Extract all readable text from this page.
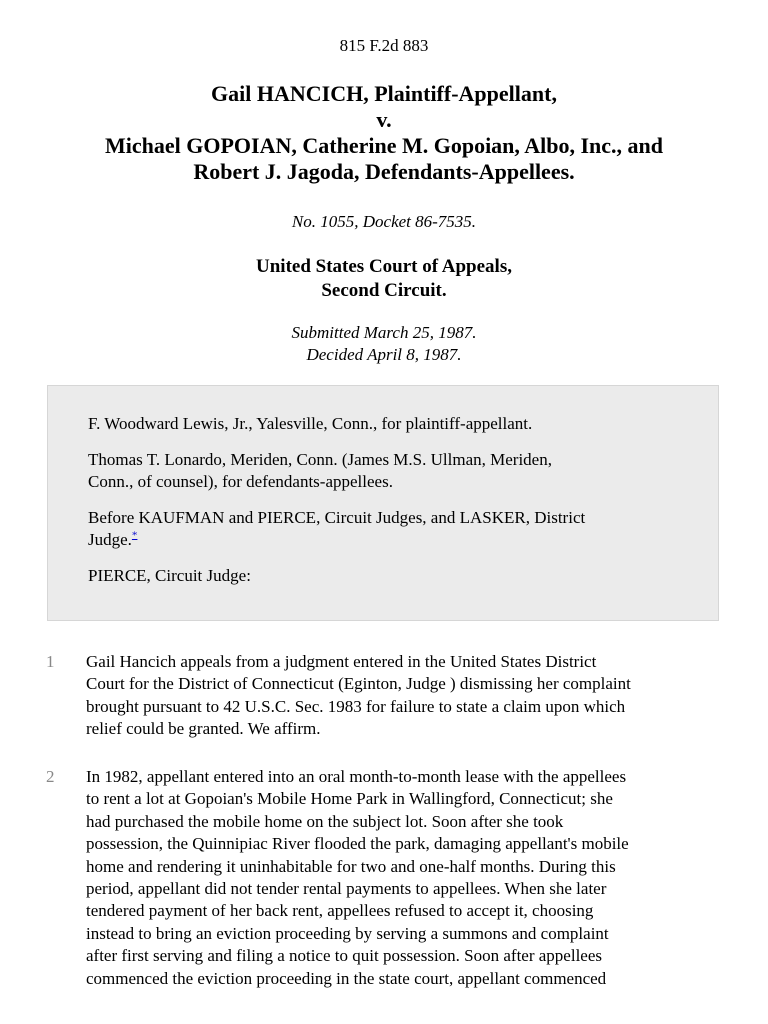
815 F.2d 883
Gail HANCICH, Plaintiff-Appellant,
v.
Michael GOPOIAN, Catherine M. Gopoian, Albo, Inc., and
Robert J. Jagoda, Defendants-Appellees.
No. 1055, Docket 86-7535.
United States Court of Appeals,
Second Circuit.
Submitted March 25, 1987.
Decided April 8, 1987.

F. Woodward Lewis, Jr., Yalesville, Conn., for plaintiff-appellant.

Thomas T. Lonardo, Meriden, Conn. (James M.S. Ullman, Meriden,
Conn., of counsel), for defendants-appellees.

Before KAUFMAN and PIERCE, Circuit Judges, and LASKER, District
Judge.*

PIERCE, Circuit Judge:

1	Gail Hancich appeals from a judgment entered in the United States District
Court for the District of Connecticut (Eginton, Judge ) dismissing her complaint
brought pursuant to 42 U.S.C. Sec. 1983 for failure to state a claim upon which
relief could be granted. We affirm.
2	In 1982, appellant entered into an oral month-to-month lease with the appellees
to rent a lot at Gopoian's Mobile Home Park in Wallingford, Connecticut; she
had purchased the mobile home on the subject lot. Soon after she took
possession, the Quinnipiac River flooded the park, damaging appellant's mobile
home and rendering it uninhabitable for two and one-half months. During this
period, appellant did not tender rental payments to appellees. When she later
tendered payment of her back rent, appellees refused to accept it, choosing
instead to bring an eviction proceeding by serving a summons and complaint
after first serving and filing a notice to quit possession. Soon after appellees
commenced the eviction proceeding in the state court, appellant commenced
